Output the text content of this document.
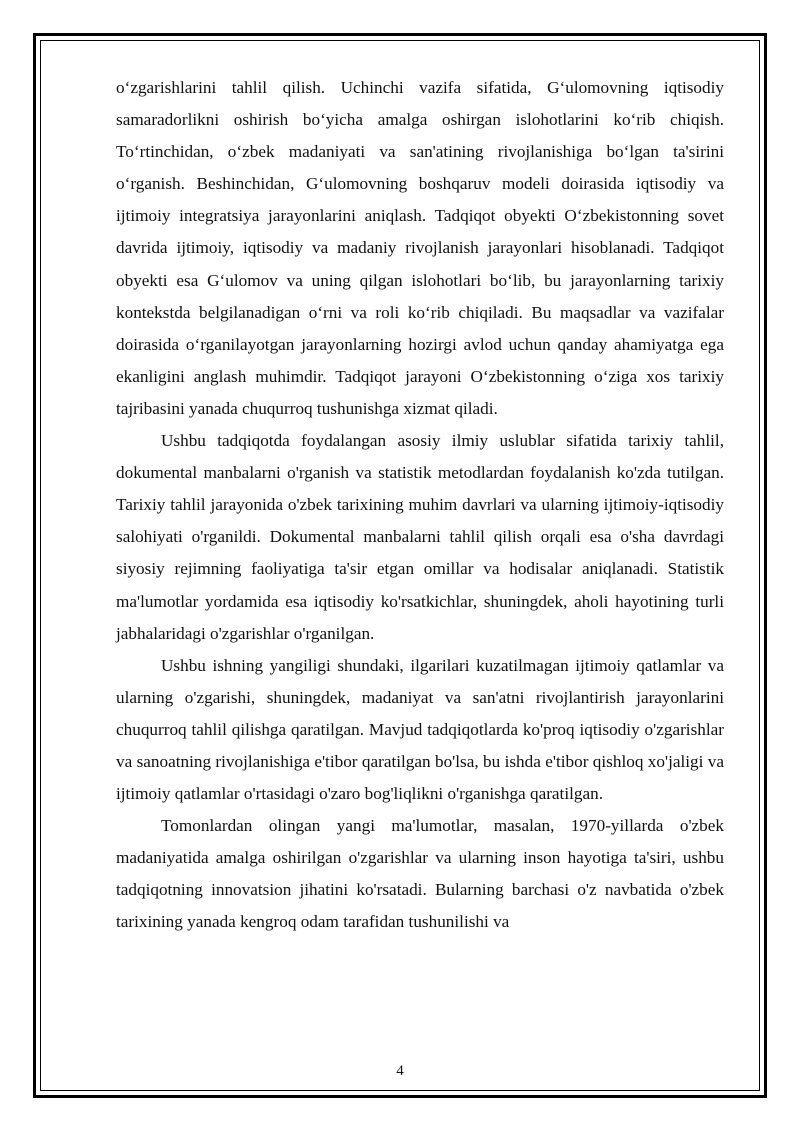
o‘zgarishlarini tahlil qilish. Uchinchi vazifa sifatida, G‘ulomovning iqtisodiy samaradorlikni oshirish bo‘yicha amalga oshirgan islohotlarini ko‘rib chiqish. To‘rtinchidan, o‘zbek madaniyati va san'atining rivojlanishiga bo‘lgan ta'sirini o‘rganish. Beshinchidan, G‘ulomovning boshqaruv modeli doirasida iqtisodiy va ijtimoiy integratsiya jarayonlarini aniqlash. Tadqiqot obyekti O‘zbekistonning sovet davrida ijtimoiy, iqtisodiy va madaniy rivojlanish jarayonlari hisoblanadi. Tadqiqot obyekti esa G‘ulomov va uning qilgan islohotlari bo‘lib, bu jarayonlarning tarixiy kontekstda belgilanadigan o‘rni va roli ko‘rib chiqiladi. Bu maqsadlar va vazifalar doirasida o‘rganilayotgan jarayonlarning hozirgi avlod uchun qanday ahamiyatga ega ekanligini anglash muhimdir. Tadqiqot jarayoni O‘zbekistonning o‘ziga xos tarixiy tajribasini yanada chuqurroq tushunishga xizmat qiladi.

Ushbu tadqiqotda foydalangan asosiy ilmiy uslublar sifatida tarixiy tahlil, dokumental manbalarni o'rganish va statistik metodlardan foydalanish ko'zda tutilgan. Tarixiy tahlil jarayonida o'zbek tarixining muhim davrlari va ularning ijtimoiy-iqtisodiy salohiyati o'rganildi. Dokumental manbalarni tahlil qilish orqali esa o'sha davrdagi siyosiy rejimning faoliyatiga ta'sir etgan omillar va hodisalar aniqlanadi. Statistik ma'lumotlar yordamida esa iqtisodiy ko'rsatkichlar, shuningdek, aholi hayotining turli jabhalaridagi o'zgarishlar o'rganilgan.

Ushbu ishning yangiligi shundaki, ilgarilari kuzatilmagan ijtimoiy qatlamlar va ularning o'zgarishi, shuningdek, madaniyat va san'atni rivojlantirish jarayonlarini chuqurroq tahlil qilishga qaratilgan. Mavjud tadqiqotlarda ko'proq iqtisodiy o'zgarishlar va sanoatning rivojlanishiga e'tibor qaratilgan bo'lsa, bu ishda e'tibor qishloq xo'jaligi va ijtimoiy qatlamlar o'rtasidagi o'zaro bog'liqlikni o'rganishga qaratilgan.

Tomonlardan olingan yangi ma'lumotlar, masalan, 1970-yillarda o'zbek madaniyatida amalga oshirilgan o'zgarishlar va ularning inson hayotiga ta'siri, ushbu tadqiqotning innovatsion jihatini ko'rsatadi. Bularning barchasi o'z navbatida o'zbek tarixining yanada kengroq odam tarafidan tushunilishi va

4
